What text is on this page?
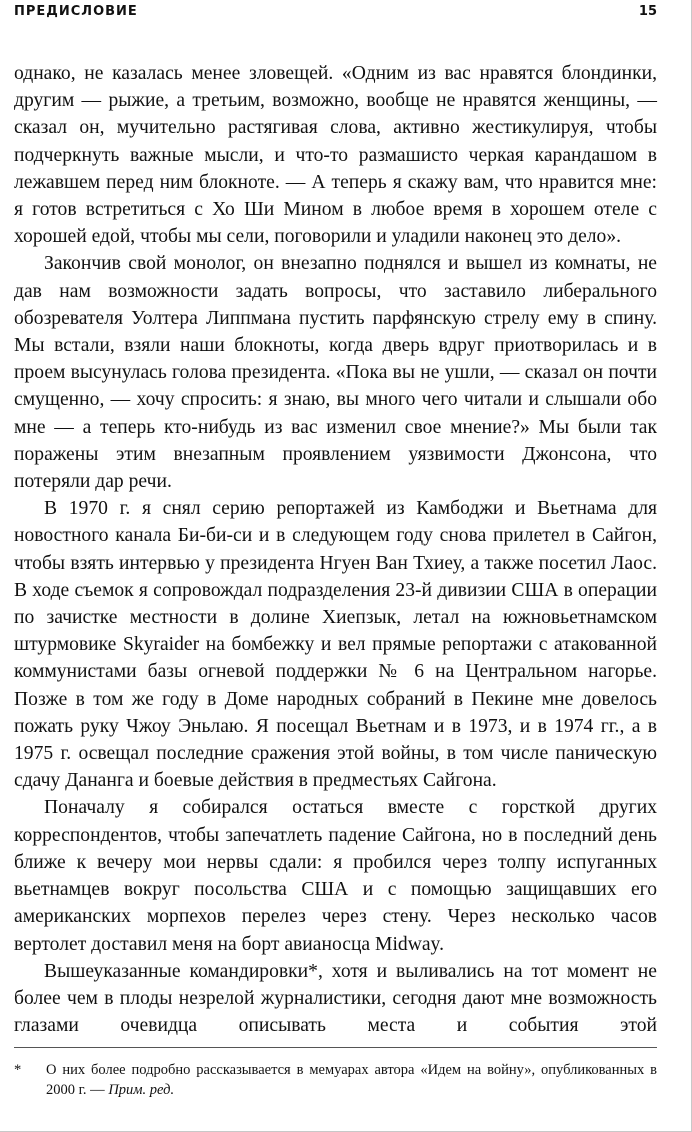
ПРЕДИСЛОВИЕ	15

однако, не казалась менее зловещей. «Одним из вас нравятся блондинки, другим — рыжие, а третьим, возможно, вообще не нравятся женщины, — сказал он, мучительно растягивая слова, активно жестикулируя, чтобы подчеркнуть важные мысли, и что-то размашисто черкая карандашом в лежавшем перед ним блокноте. — А теперь я скажу вам, что нравится мне: я готов встретиться с Хо Ши Мином в любое время в хорошем отеле с хорошей едой, чтобы мы сели, поговорили и уладили наконец это дело».

Закончив свой монолог, он внезапно поднялся и вышел из комнаты, не дав нам возможности задать вопросы, что заставило либерального обозревателя Уолтера Липпмана пустить парфянскую стрелу ему в спину. Мы встали, взяли наши блокноты, когда дверь вдруг приотворилась и в проем высунулась голова президента. «Пока вы не ушли, — сказал он почти смущенно, — хочу спросить: я знаю, вы много чего читали и слышали обо мне — а теперь кто-нибудь из вас изменил свое мнение?» Мы были так поражены этим внезапным проявлением уязвимости Джонсона, что потеряли дар речи.

В 1970 г. я снял серию репортажей из Камбоджи и Вьетнама для новостного канала Би-би-си и в следующем году снова прилетел в Сайгон, чтобы взять интервью у президента Нгуен Ван Тхиеу, а также посетил Лаос. В ходе съемок я сопровождал подразделения 23-й дивизии США в операции по зачистке местности в долине Хиепзык, летал на южновьетнамском штурмовике Skyraider на бомбежку и вел прямые репортажи с атакованной коммунистами базы огневой поддержки № 6 на Центральном нагорье. Позже в том же году в Доме народных собраний в Пекине мне довелось пожать руку Чжоу Эньлаю. Я посещал Вьетнам и в 1973, и в 1974 гг., а в 1975 г. освещал последние сражения этой войны, в том числе паническую сдачу Дананга и боевые действия в предместьях Сайгона.

Поначалу я собирался остаться вместе с горсткой других корреспондентов, чтобы запечатлеть падение Сайгона, но в последний день ближе к вечеру мои нервы сдали: я пробился через толпу испуганных вьетнамцев вокруг посольства США и с помощью защищавших его американских морпехов перелез через стену. Через несколько часов вертолет доставил меня на борт авианосца Midway.

Вышеуказанные командировки*, хотя и выливались на тот момент не более чем в плоды незрелой журналистики, сегодня дают мне возможность глазами очевидца описывать места и события этой

* О них более подробно рассказывается в мемуарах автора «Идем на войну», опубликованных в 2000 г. — Прим. ред.
